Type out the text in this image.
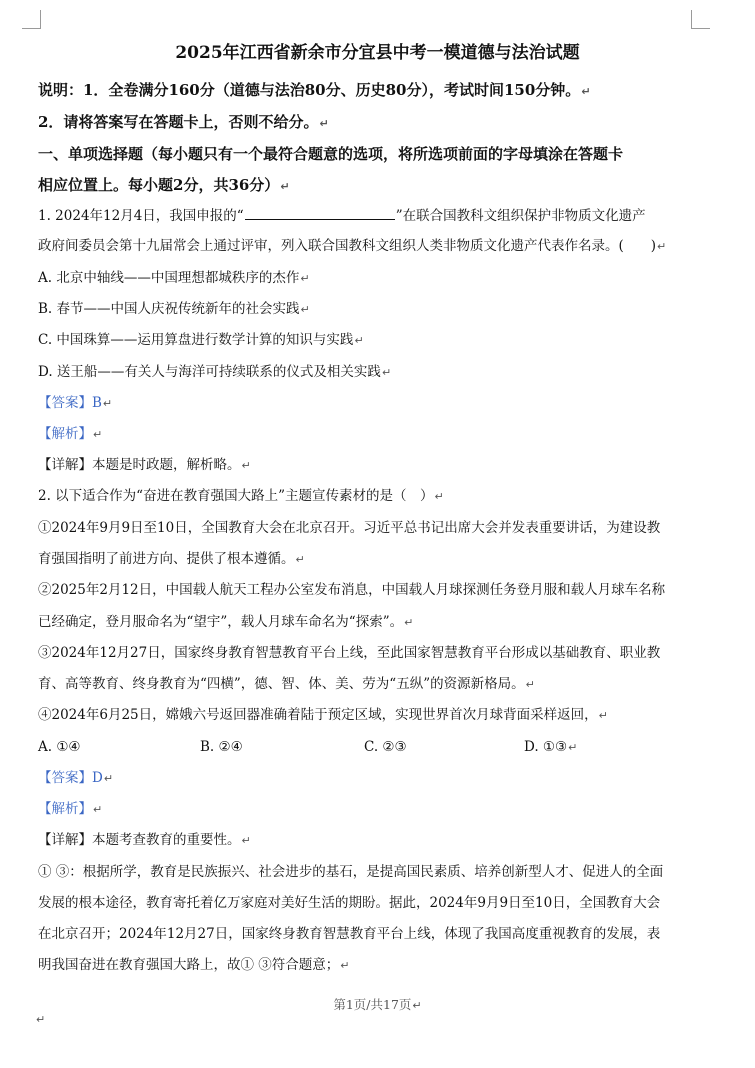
2025年江西省新余市分宜县中考一模道德与法治试题
说明：1．全卷满分160分（道德与法治80分、历史80分），考试时间150分钟。↵
2．请将答案写在答题卡上，否则不给分。↵
一、单项选择题（每小题只有一个最符合题意的选项，将所选项前面的字母填涂在答题卡
相应位置上。每小题2分，共36分）↵
1. 2024年12月4日，我国申报的“	”在联合国教科文组织保护非物质文化遗产
政府间委员会第十九届常会上通过评审，列入联合国教科文组织人类非物质文化遗产代表作名录。(　　)↵
A. 北京中轴线——中国理想都城秩序的杰作↵
B. 春节——中国人庆祝传统新年的社会实践↵
C. 中国珠算——运用算盘进行数学计算的知识与实践↵
D. 送王船——有关人与海洋可持续联系的仪式及相关实践↵
【答案】B↵
【解析】↵
【详解】本题是时政题，解析略。↵
2. 以下适合作为“奋进在教育强国大路上”主题宣传素材的是（　）↵
①2024年9月9日至10日，全国教育大会在北京召开。习近平总书记出席大会并发表重要讲话，为建设教
育强国指明了前进方向、提供了根本遵循。↵
②2025年2月12日，中国载人航天工程办公室发布消息，中国载人月球探测任务登月服和载人月球车名称
已经确定，登月服命名为“望宇”，载人月球车命名为“探索”。↵
③2024年12月27日，国家终身教育智慧教育平台上线，至此国家智慧教育平台形成以基础教育、职业教
育、高等教育、终身教育为“四横”，德、智、体、美、劳为“五纵”的资源新格局。↵
④2024年6月25日，嫦娥六号返回器准确着陆于预定区域，实现世界首次月球背面采样返回，↵
A. ①④	B. ②④	C. ②③	D. ①③↵
【答案】D↵
【解析】↵
【详解】本题考查教育的重要性。↵
① ③：根据所学，教育是民族振兴、社会进步的基石，是提高国民素质、培养创新型人才、促进人的全面
发展的根本途径，教育寄托着亿万家庭对美好生活的期盼。据此，2024年9月9日至10日，全国教育大会
在北京召开；2024年12月27日，国家终身教育智慧教育平台上线，体现了我国高度重视教育的发展，表
明我国奋进在教育强国大路上，故① ③符合题意；↵
第1页/共17页↵
↵
